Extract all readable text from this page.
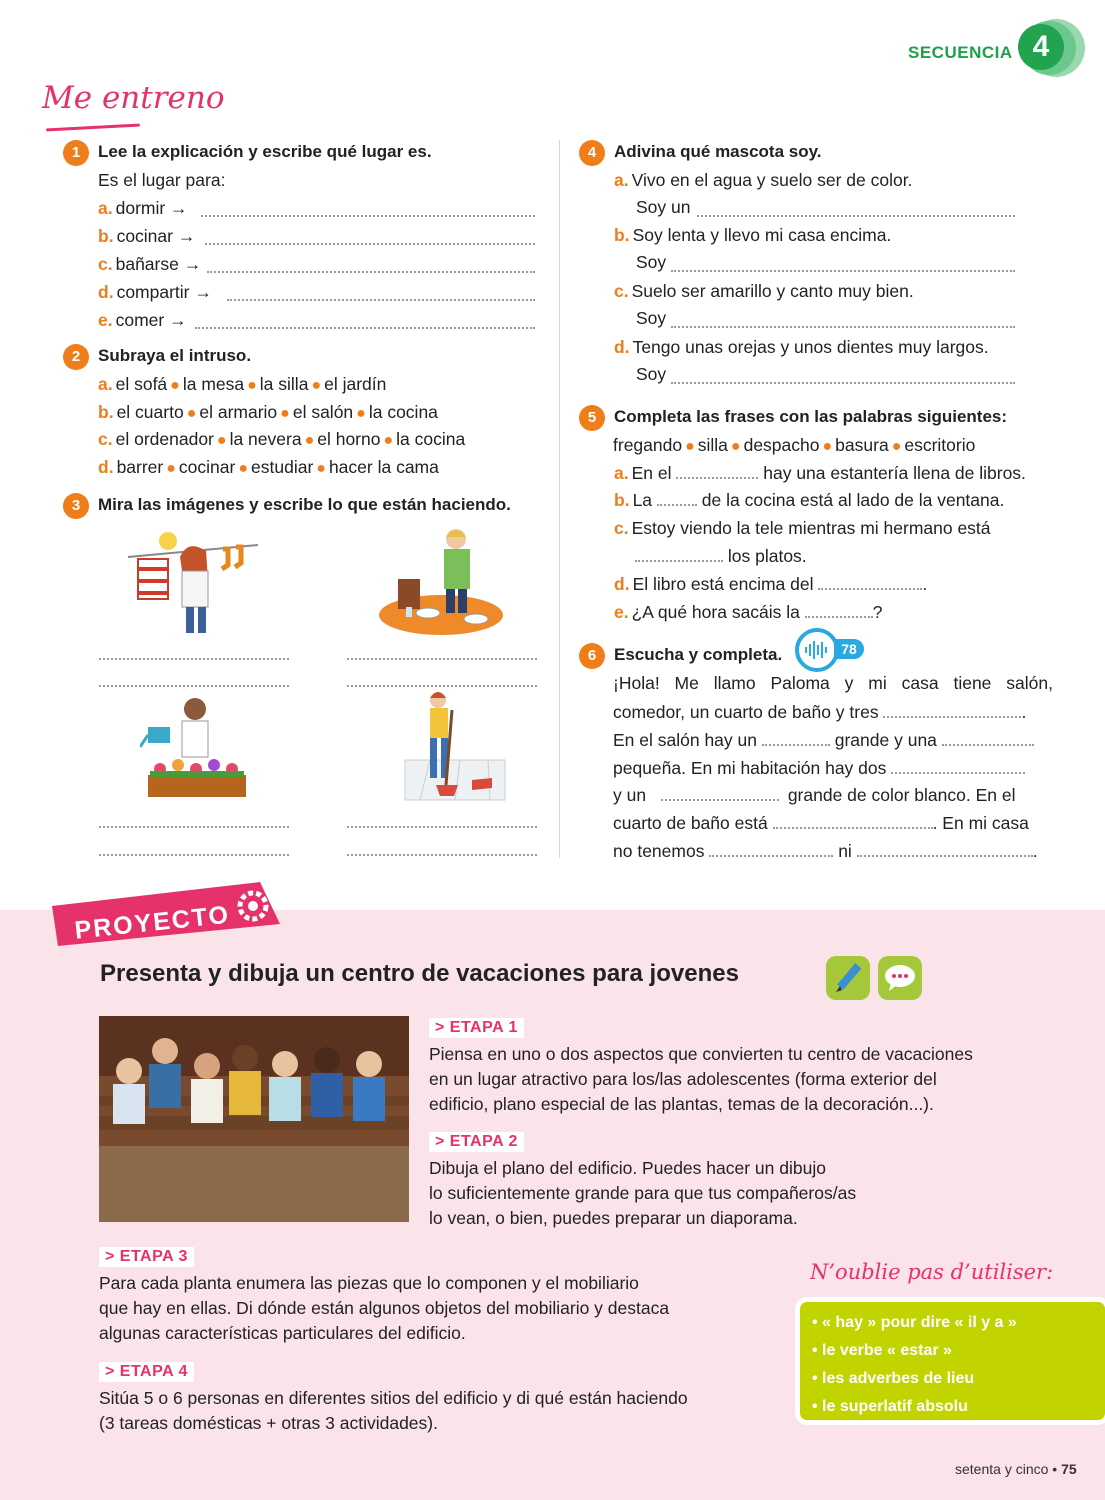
SECUENCIA 4
Me entreno
1	Lee la explicación y escribe qué lugar es.
Es el lugar para:
a. dormir →
b. cocinar →
c. bañarse →
d. compartir →
e. comer →
2	Subraya el intruso.
a. el sofá ● la mesa ● la silla ● el jardín
b. el cuarto ● el armario ● el salón ● la cocina
c. el ordenador ● la nevera ● el horno ● la cocina
d. barrer ● cocinar ● estudiar ● hacer la cama
3	Mira las imágenes y escribe lo que están haciendo.
4	Adivina qué mascota soy.
a. Vivo en el agua y suelo ser de color.
Soy un
b. Soy lenta y llevo mi casa encima.
Soy
c. Suelo ser amarillo y canto muy bien.
Soy
d. Tengo unas orejas y unos dientes muy largos.
Soy
5	Completa las frases con las palabras siguientes:
fregando ● silla ● despacho ● basura ● escritorio
a. En el	hay una estantería llena de libros.
b. La	de la cocina está al lado de la ventana.
c. Estoy viendo la tele mientras mi hermano está
los platos.
d. El libro está encima del	.
e. ¿A qué hora sacáis la	?
6	Escucha y completa.	78
¡Hola! Me llamo Paloma y mi casa tiene salón,
comedor, un cuarto de baño y tres	.
En el salón hay un	grande y una
pequeña. En mi habitación hay dos
y un	grande de color blanco. En el
cuarto de baño está	. En mi casa
no tenemos	ni	.
PROYECTO
Presenta y dibuja un centro de vacaciones para jovenes
> ETAPA 1
Piensa en uno o dos aspectos que convierten tu centro de vacaciones
en un lugar atractivo para los/las adolescentes (forma exterior del
edificio, plano especial de las plantas, temas de la decoración...).
> ETAPA 2
Dibuja el plano del edificio. Puedes hacer un dibujo
lo suficientemente grande para que tus compañeros/as
lo vean, o bien, puedes preparar un diaporama.
> ETAPA 3
Para cada planta enumera las piezas que lo componen y el mobiliario
que hay en ellas. Di dónde están algunos objetos del mobiliario y destaca
algunas características particulares del edificio.
> ETAPA 4
Sitúa 5 o 6 personas en diferentes sitios del edificio y di qué están haciendo
(3 tareas domésticas + otras 3 actividades).
N’oublie pas d’utiliser:
• « hay » pour dire « il y a »
• le verbe « estar »
• les adverbes de lieu
• le superlatif absolu
setenta y cinco • 75
